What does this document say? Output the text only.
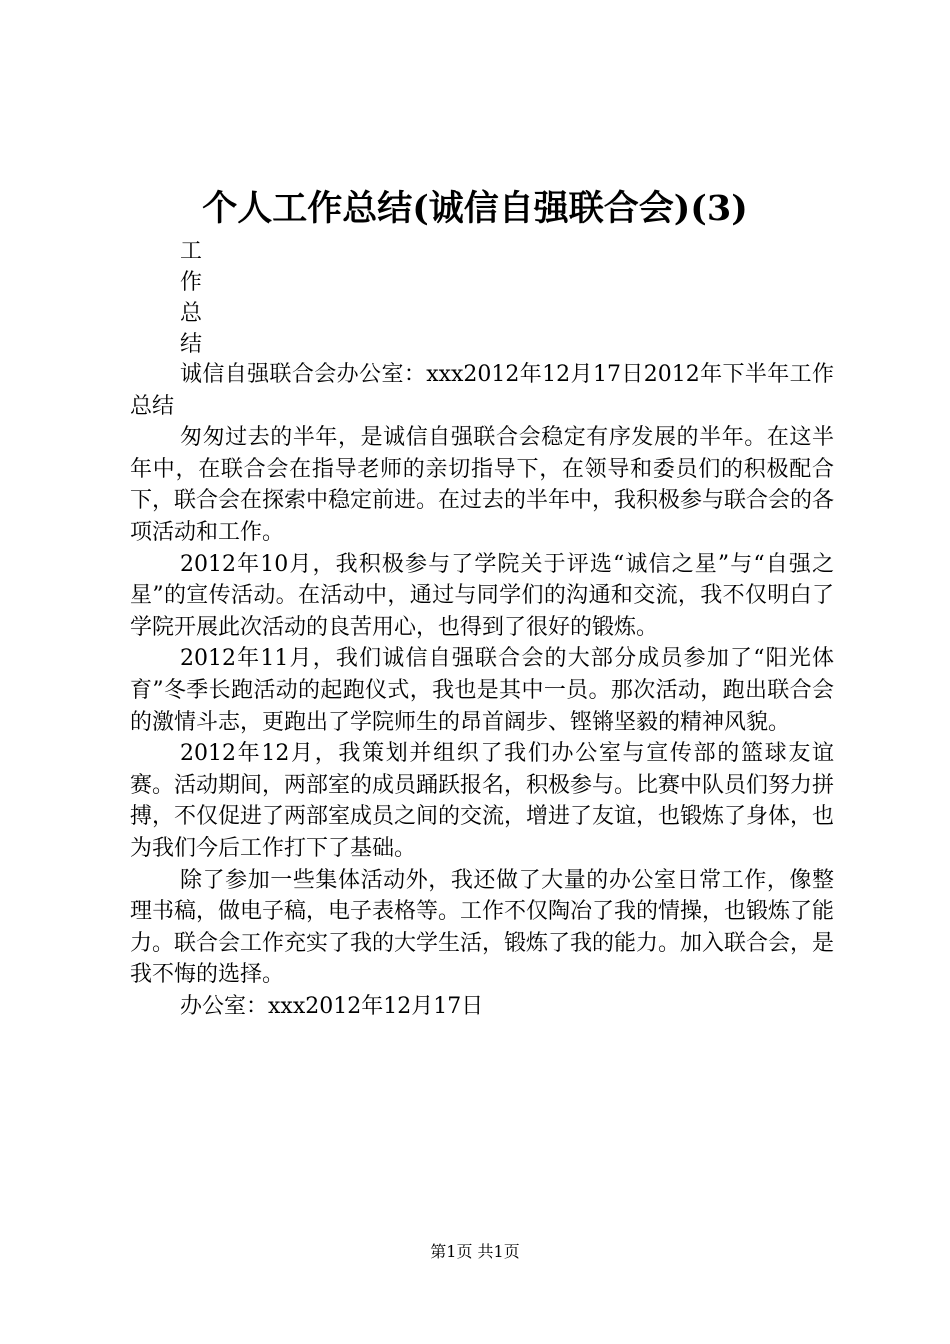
个人工作总结(诚信自强联合会)(3)
工
作
总
结

诚信自强联合会办公室：xxx2012年12月17日2012年下半年工作总结

匆匆过去的半年，是诚信自强联合会稳定有序发展的半年。在这半年中，在联合会在指导老师的亲切指导下，在领导和委员们的积极配合下，联合会在探索中稳定前进。在过去的半年中，我积极参与联合会的各项活动和工作。

2012年10月，我积极参与了学院关于评选“诚信之星”与“自强之星”的宣传活动。在活动中，通过与同学们的沟通和交流，我不仅明白了学院开展此次活动的良苦用心，也得到了很好的锻炼。

2012年11月，我们诚信自强联合会的大部分成员参加了“阳光体育”冬季长跑活动的起跑仪式，我也是其中一员。那次活动，跑出联合会的激情斗志，更跑出了学院师生的昂首阔步、铿锵坚毅的精神风貌。

2012年12月，我策划并组织了我们办公室与宣传部的篮球友谊赛。活动期间，两部室的成员踊跃报名，积极参与。比赛中队员们努力拼搏，不仅促进了两部室成员之间的交流，增进了友谊，也锻炼了身体，也为我们今后工作打下了基础。

除了参加一些集体活动外，我还做了大量的办公室日常工作，像整理书稿，做电子稿，电子表格等。工作不仅陶冶了我的情操，也锻炼了能力。联合会工作充实了我的大学生活，锻炼了我的能力。加入联合会，是我不悔的选择。

办公室：xxx2012年12月17日

第1页 共1页
